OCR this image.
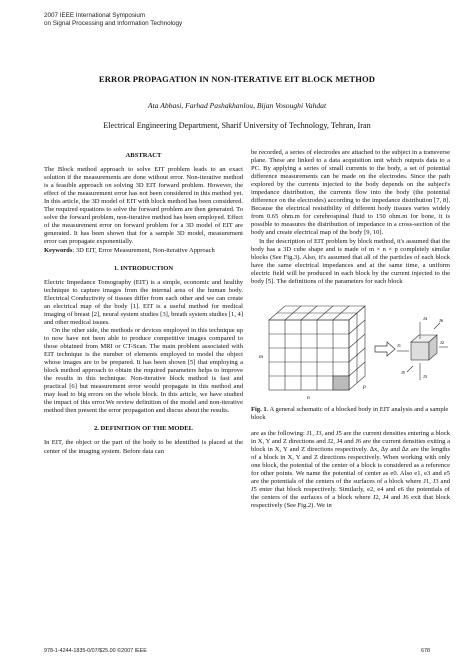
2007 IEEE International Symposium
on Signal Processing and Information Technology
ERROR PROPAGATION IN NON-ITERATIVE EIT BLOCK METHOD
Ata Abbasi, Farhad Pashakhanlou, Bijan Vosoughi Vahdat
Electrical Engineering Department, Sharif University of Technology, Tehran, Iran
ABSTRACT
The Block method approach to solve EIT problem leads to an exact solution if the measurements are done without error. Non-iterative method is a feasible approach on solving 3D EIT forward problem. However, the effect of the measurement error has not been considered in this method yet. In this article, the 3D model of EIT with block method has been considered. The required equations to solve the forward problem are then generated. To solve the forward problem, non-iterative method has been employed. Effect of the measurement error on forward problem for a 3D model of EIT are generated. It has been shown that for a sample 3D model, measurement error can propagate exponentially.
Keywords: 3D EIT, Error Measurement, Non-iterative Approach
1. INTRODUCTION
Electric Impedance Tomography (EIT) is a simple, economic and healthy technique to capture images from the internal area of the human body. Electrical Conductivity of tissues differ from each other and we can create an electrical map of the body [1]. EIT is a useful method for medical imaging of breast [2], neural system studies [3], breath system studies [1, 4] and other medical issues.
On the other side, the methods or devices employed in this technique up to now have not been able to produce competitive images compared to those obtained from MRI or CT-Scan. The main problem associated with EIT technique is the number of elements employed to model the object whose images are to be prepared. It has been shown [5] that employing a block method approach to obtain the required parameters helps to improve the results in this technique. Non-iterative block method is fast and practical [6] but measurement error would propagate in this method and may lead to big errors on the whole block. In this article, we have studied the impact of this error.We review definition of the model and non-iterative method then present the error propagation and discus about the results.
2. DEFINITION OF THE MODEL
In EIT, the object or the part of the body to be identified is placed at the center of the imaging system. Before data can
be recorded, a series of electrodes are attached to the subject in a transverse plane. These are linked to a data acquisition unit which outputs data to a PC. By applying a series of small currents to the body, a set of potential difference measurements can be made on the electrodes. Since the path explored by the currents injected to the body depends on the subject's impedance distribution, the currents flow into the body (the potential difference on the electrodes) according to the impedance distribution [7, 8]. Because the electrical resistibility of different body tissues varies widely from 0.65 ohm.m for cerebrospinal fluid to 150 ohm.m for bone, it is possible to measures the distribution of impedance in a cross-section of the body and create electrical map of the body [9, 10].
In the description of EIT problem by block method, it's assumed that the body has a 3D cube shape and is made of m × n × p completely similar blocks (See Fig.3). Also, it's assumed that all of the particles of each block have the same electrical impedances and at the same time, a uniform electric field will be produced in each block by the current injected to the body [5]. The definitions of the parameters for each block
m
n
p
J4	J6
J1
J2
J5
J3
Fig. 1. A general schematic of a blocked body in EIT analysis and a sample block
are as the following: J1, J3, and J5 are the current densities entering a block in X, Y and Z directions and J2, J4 and J6 are the current densities exiting a block in X, Y and Z directions respectively. ∆x, ∆y and ∆z are the lengths of a block in X, Y and Z directions respectively. When working with only one block, the potential of the center of a block is considered as a reference for other points. We name the potential of center as e0. Also e1, e3 and e5 are the potentials of the centers of the surfaces of a block where J1, J3 and J5 enter that block respectively. Similarly, e2, e4 and e6 the potentials of the centers of the surfaces of a block where J2, J4 and J6 exit that block respectively (See Fig.2). We in
978-1-4244-1835-0/07/$25.00 ©2007 IEEE	678
